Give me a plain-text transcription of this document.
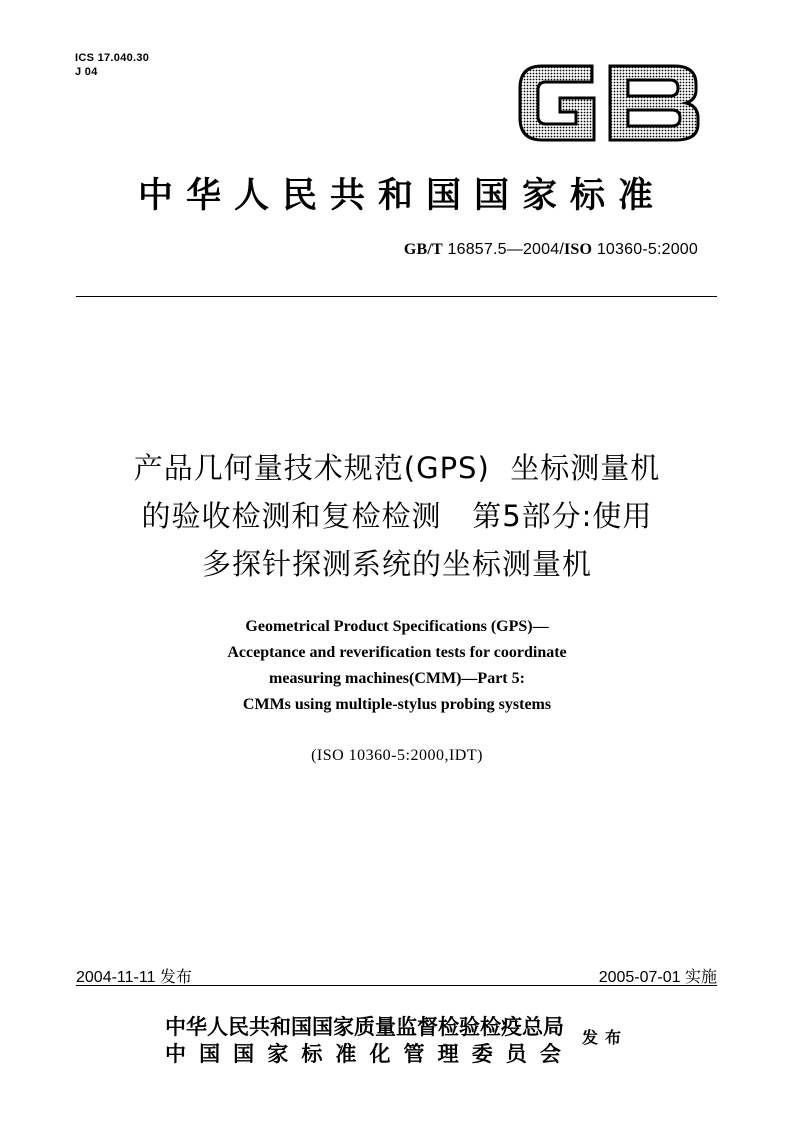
ICS 17.040.30
J 04
中华人民共和国国家标准
GB/T 16857.5—2004/ISO 10360-5:2000
产品几何量技术规范(GPS)  坐标测量机
的验收检测和复检检测   第5部分:使用
多探针探测系统的坐标测量机
Geometrical Product Specifications (GPS)—
Acceptance and reverification tests for coordinate
measuring machines(CMM)—Part 5:
CMMs using multiple-stylus probing systems
(ISO 10360-5:2000,IDT)
2004-11-11 发布	2005-07-01 实施
中华人民共和国国家质量监督检验检疫总局
中 国 国 家 标 准 化 管 理 委 员 会
发布
